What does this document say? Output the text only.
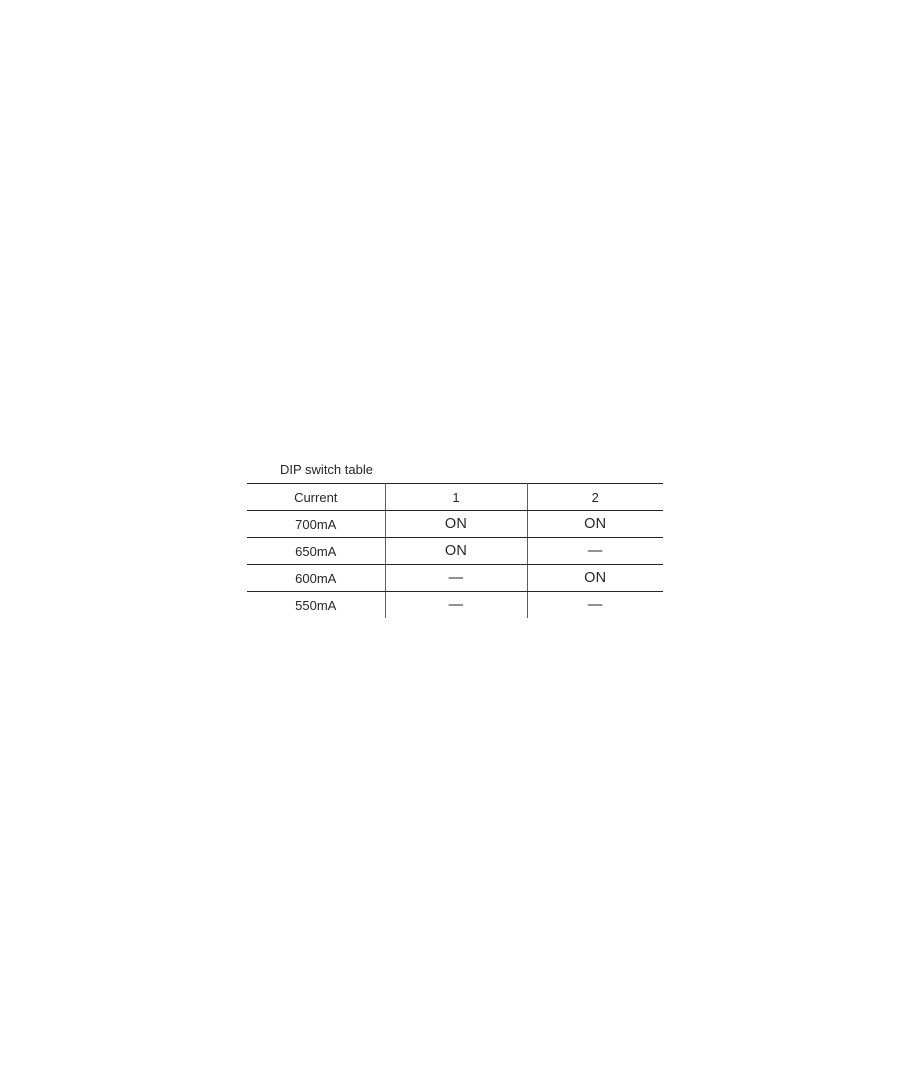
DIP switch table
Current	1	2
700mA	ON	ON
650mA	ON	—
600mA	—	ON
550mA	—	—
